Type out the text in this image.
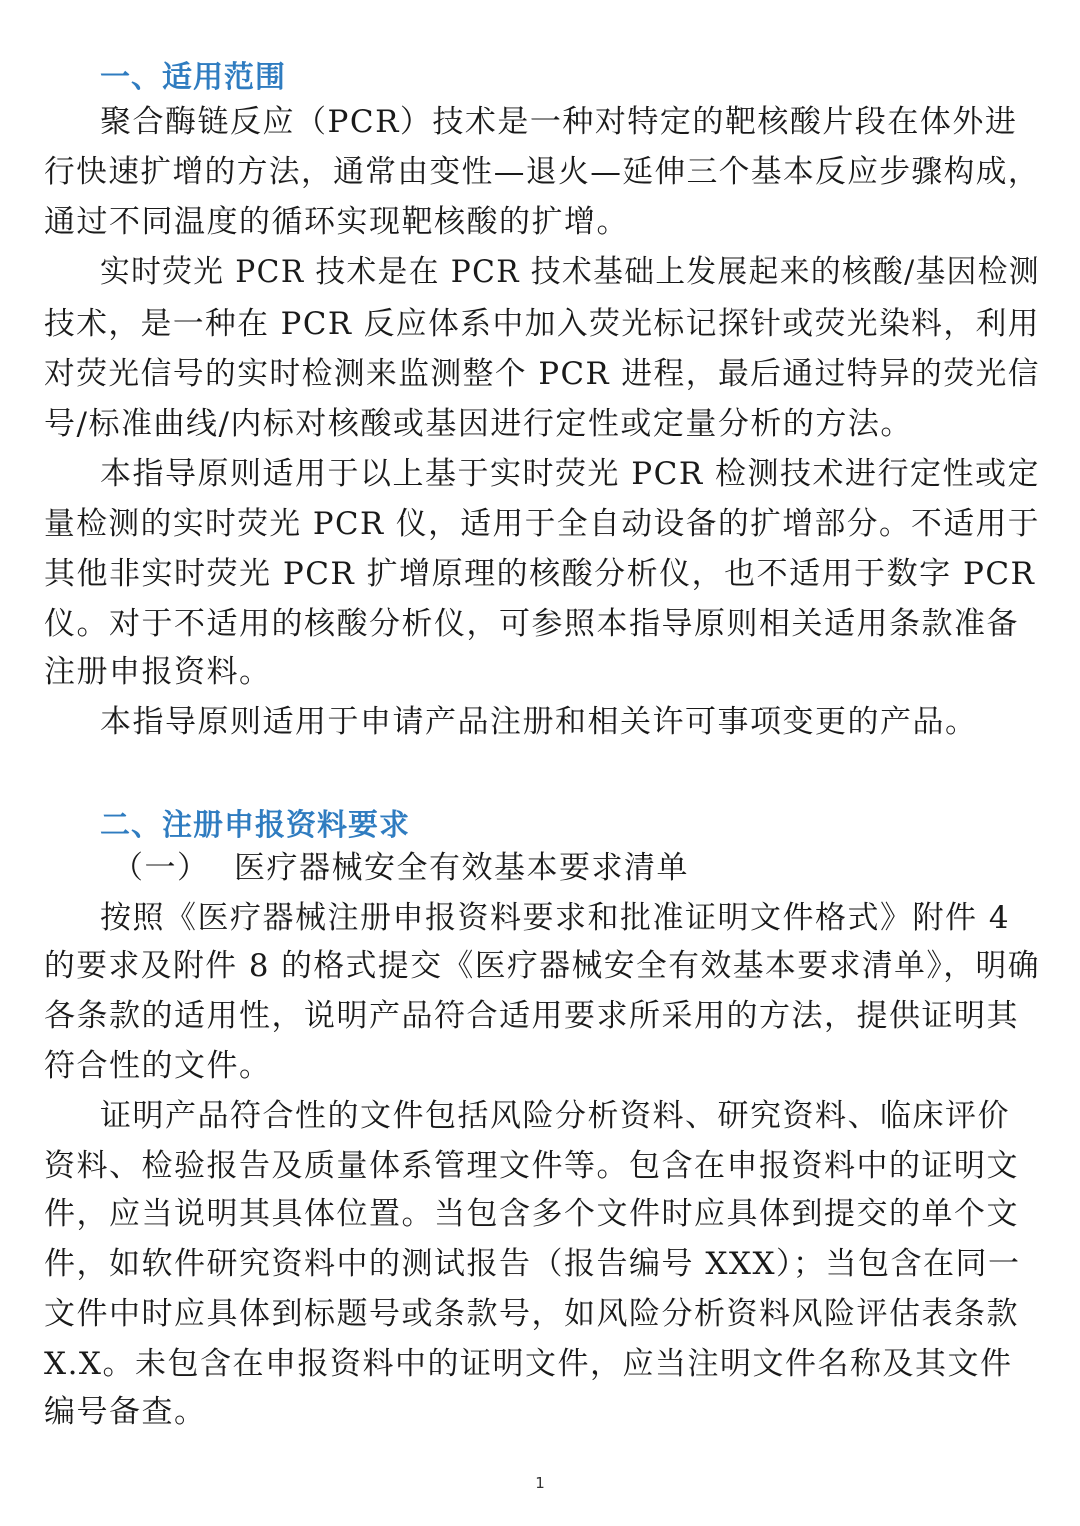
一、适用范围
聚合酶链反应（PCR）技术是一种对特定的靶核酸片段在体外进
行快速扩增的方法，通常由变性—退火—延伸三个基本反应步骤构成，
通过不同温度的循环实现靶核酸的扩增。
实时荧光 PCR 技术是在 PCR 技术基础上发展起来的核酸/基因检测
技术，是一种在 PCR 反应体系中加入荧光标记探针或荧光染料，利用
对荧光信号的实时检测来监测整个 PCR 进程，最后通过特异的荧光信
号/标准曲线/内标对核酸或基因进行定性或定量分析的方法。
本指导原则适用于以上基于实时荧光 PCR 检测技术进行定性或定
量检测的实时荧光 PCR 仪，适用于全自动设备的扩增部分。不适用于
其他非实时荧光 PCR 扩增原理的核酸分析仪，也不适用于数字 PCR
仪。对于不适用的核酸分析仪，可参照本指导原则相关适用条款准备
注册申报资料。
本指导原则适用于申请产品注册和相关许可事项变更的产品。
二、注册申报资料要求
（一） 医疗器械安全有效基本要求清单
按照《医疗器械注册申报资料要求和批准证明文件格式》附件 4
的要求及附件 8 的格式提交《医疗器械安全有效基本要求清单》，明确
各条款的适用性，说明产品符合适用要求所采用的方法，提供证明其
符合性的文件。
证明产品符合性的文件包括风险分析资料、研究资料、临床评价
资料、检验报告及质量体系管理文件等。包含在申报资料中的证明文
件，应当说明其具体位置。当包含多个文件时应具体到提交的单个文
件，如软件研究资料中的测试报告（报告编号 XXX）；当包含在同一
文件中时应具体到标题号或条款号，如风险分析资料风险评估表条款
X.X。未包含在申报资料中的证明文件，应当注明文件名称及其文件
编号备查。
1
